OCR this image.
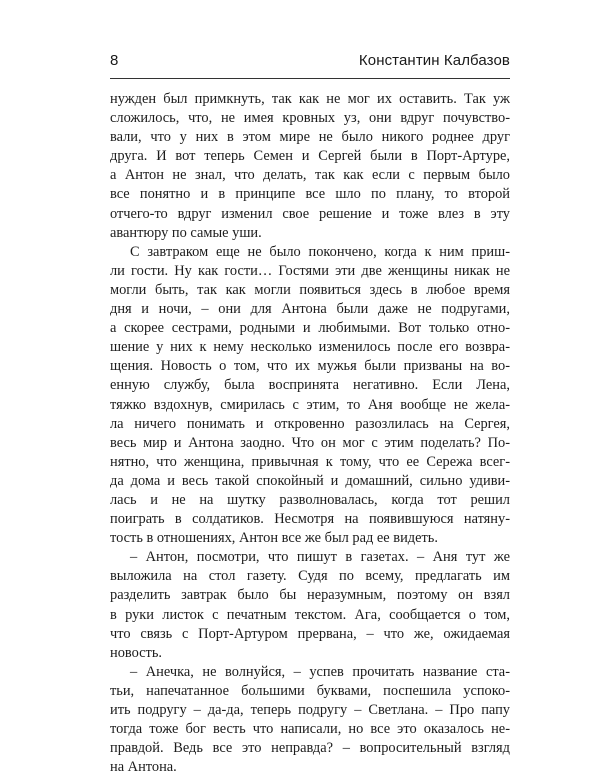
8	Константин Калбазов
нужден был примкнуть, так как не мог их оставить. Так уж
сложилось, что, не имея кровных уз, они вдруг почувство-
вали, что у них в этом мире не было никого роднее друг
друга. И вот теперь Семен и Сергей были в Порт-Артуре,
а Антон не знал, что делать, так как если с первым было
все понятно и в принципе все шло по плану, то второй
отчего-то вдруг изменил свое решение и тоже влез в эту
авантюру по самые уши.
С завтраком еще не было покончено, когда к ним приш-
ли гости. Ну как гости… Гостями эти две женщины никак не
могли быть, так как могли появиться здесь в любое время
дня и ночи, – они для Антона были даже не подругами,
а скорее сестрами, родными и любимыми. Вот только отно-
шение у них к нему несколько изменилось после его возвра-
щения. Новость о том, что их мужья были призваны на во-
енную службу, была воспринята негативно. Если Лена,
тяжко вздохнув, смирилась с этим, то Аня вообще не жела-
ла ничего понимать и откровенно разозлилась на Сергея,
весь мир и Антона заодно. Что он мог с этим поделать? По-
нятно, что женщина, привычная к тому, что ее Сережа всег-
да дома и весь такой спокойный и домашний, сильно удиви-
лась и не на шутку разволновалась, когда тот решил
поиграть в солдатиков. Несмотря на появившуюся натяну-
тость в отношениях, Антон все же был рад ее видеть.
– Антон, посмотри, что пишут в газетах. – Аня тут же
выложила на стол газету. Судя по всему, предлагать им
разделить завтрак было бы неразумным, поэтому он взял
в руки листок с печатным текстом. Ага, сообщается о том,
что связь с Порт-Артуром прервана, – что же, ожидаемая
новость.
– Анечка, не волнуйся, – успев прочитать название ста-
тьи, напечатанное большими буквами, поспешила успоко-
ить подругу – да-да, теперь подругу – Светлана. – Про папу
тогда тоже бог весть что написали, но все это оказалось не-
правдой. Ведь все это неправда? – вопросительный взгляд
на Антона.
